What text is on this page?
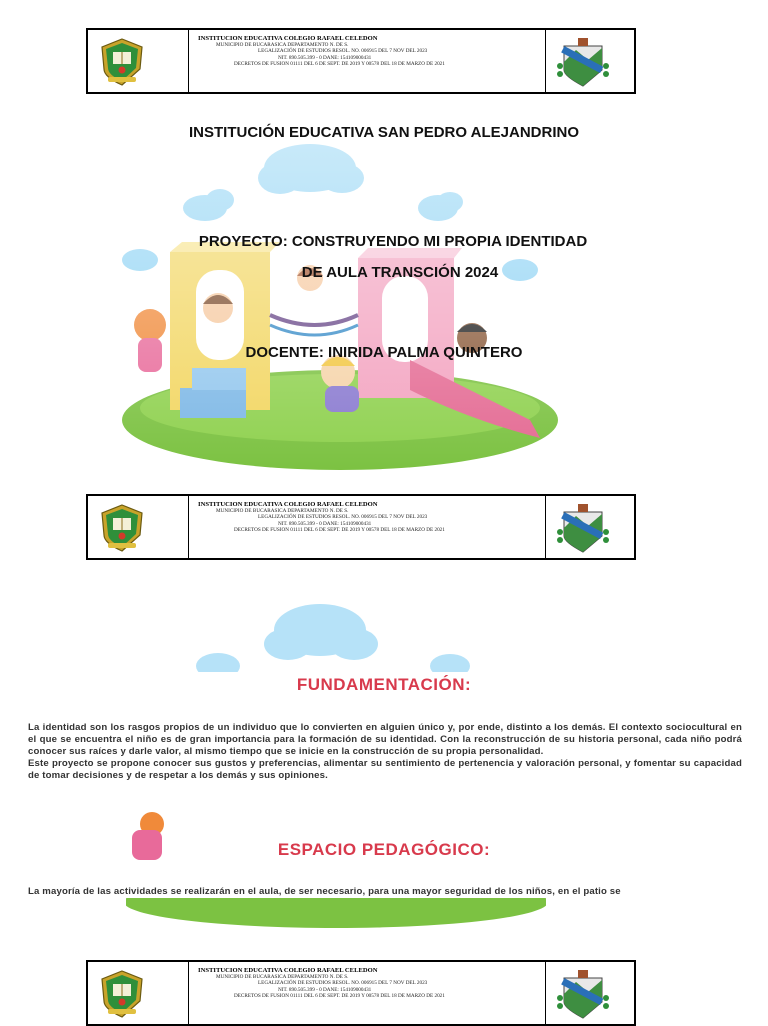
INSTITUCION EDUCATIVA COLEGIO RAFAEL CELEDON
MUNICIPIO DE BUCARASICA DEPARTAMENTO N. DE S.
LEGALIZACIÓN DE ESTUDIOS RESOL. NO. 006915 DEL 7 NOV DEL 2023
NIT. 890.505.399 - 0 DANE: 154109000431
DECRETOS DE FUSION 01111 DEL 6 DE SEPT. DE 2019 Y 00578 DEL 18 DE MARZO DE 2021
INSTITUCIÓN EDUCATIVA SAN PEDRO ALEJANDRINO
PROYECTO: CONSTRUYENDO MI PROPIA IDENTIDAD
DE AULA TRANSCIÓN 2024
DOCENTE: INIRIDA PALMA QUINTERO
INSTITUCION EDUCATIVA COLEGIO RAFAEL CELEDON
MUNICIPIO DE BUCARASICA DEPARTAMENTO N. DE S.
LEGALIZACIÓN DE ESTUDIOS RESOL. NO. 006915 DEL 7 NOV DEL 2023
NIT. 890.505.399 - 0 DANE: 154109000431
DECRETOS DE FUSION 01111 DEL 6 DE SEPT. DE 2019 Y 00578 DEL 18 DE MARZO DE 2021
FUNDAMENTACIÓN:

La identidad son los rasgos propios de un individuo que lo convierten en alguien único y, por ende, distinto a los demás. El contexto sociocultural en el que se encuentra el niño es de gran importancia para la formación de su identidad. Con la reconstrucción de su historia personal, cada niño podrá conocer sus raíces y darle valor, al mismo tiempo que se inicie en la construcción de su propia personalidad.

Este proyecto se propone conocer sus gustos y preferencias, alimentar su sentimiento de pertenencia y valoración personal, y fomentar su capacidad de tomar decisiones y de respetar a los demás y sus opiniones.

ESPACIO PEDAGÓGICO:

La mayoría de las actividades se realizarán en el aula, de ser necesario, para una mayor seguridad de los niños, en el patio se

INSTITUCION EDUCATIVA COLEGIO RAFAEL CELEDON
MUNICIPIO DE BUCARASICA DEPARTAMENTO N. DE S.
LEGALIZACIÓN DE ESTUDIOS RESOL. NO. 006915 DEL 7 NOV DEL 2023
NIT. 890.505.399 - 0 DANE: 154109000431
DECRETOS DE FUSION 01111 DEL 6 DE SEPT. DE 2019 Y 00578 DEL 18 DE MARZO DE 2021
